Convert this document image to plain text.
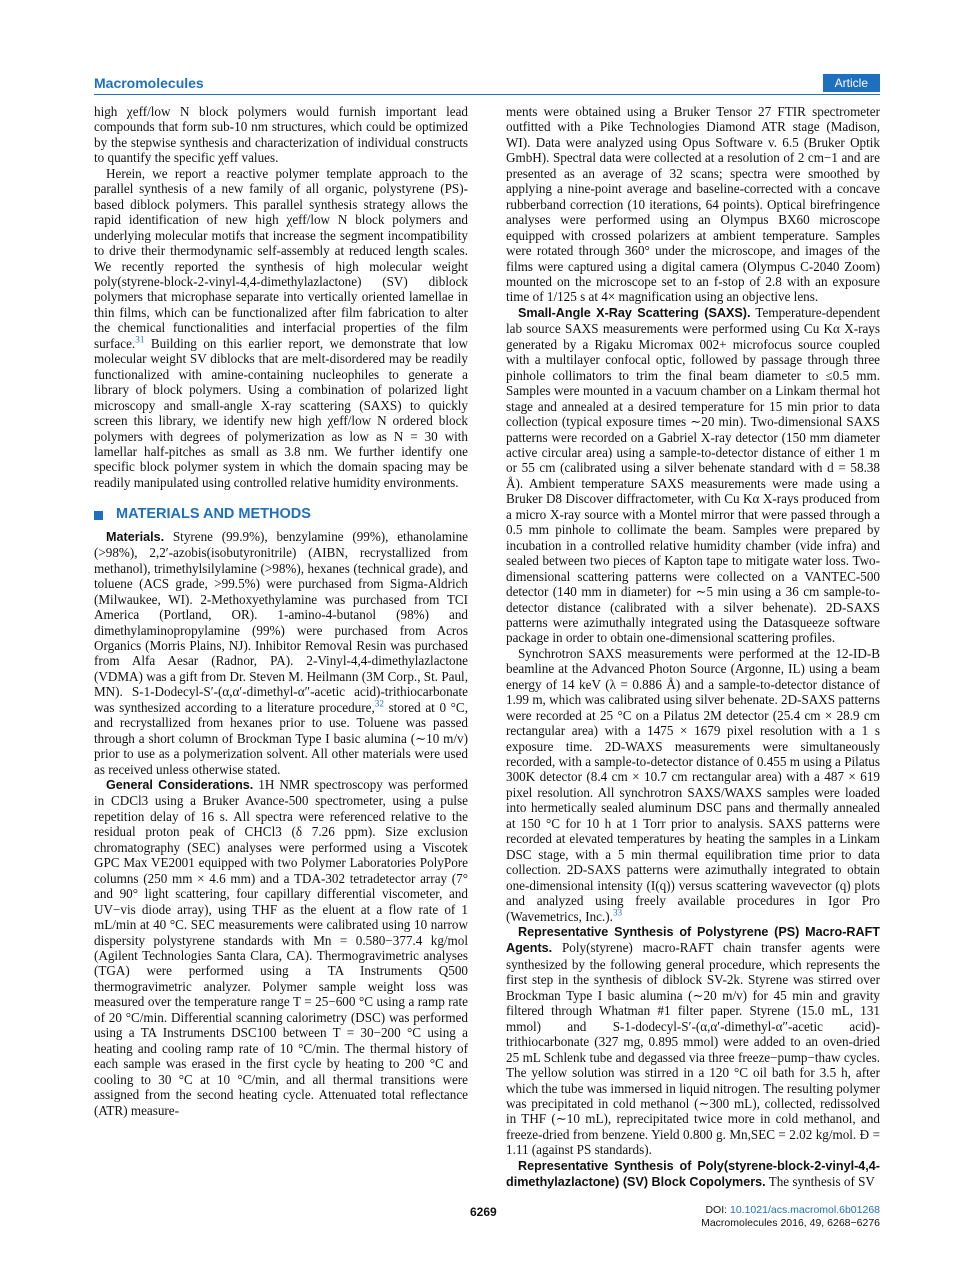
Macromolecules	Article

high χeff/low N block polymers would furnish important lead compounds that form sub-10 nm structures, which could be optimized by the stepwise synthesis and characterization of individual constructs to quantify the specific χeff values.

Herein, we report a reactive polymer template approach to the parallel synthesis of a new family of all organic, polystyrene (PS)-based diblock polymers. This parallel synthesis strategy allows the rapid identification of new high χeff/low N block polymers and underlying molecular motifs that increase the segment incompatibility to drive their thermodynamic self-assembly at reduced length scales. We recently reported the synthesis of high molecular weight poly(styrene-block-2-vinyl-4,4-dimethylazlactone) (SV) diblock polymers that microphase separate into vertically oriented lamellae in thin films, which can be functionalized after film fabrication to alter the chemical functionalities and interfacial properties of the film surface.$^{31}$ Building on this earlier report, we demonstrate that low molecular weight SV diblocks that are melt-disordered may be readily functionalized with amine-containing nucleophiles to generate a library of block polymers. Using a combination of polarized light microscopy and small-angle X-ray scattering (SAXS) to quickly screen this library, we identify new high χeff/low N ordered block polymers with degrees of polymerization as low as N = 30 with lamellar half-pitches as small as 3.8 nm. We further identify one specific block polymer system in which the domain spacing may be readily manipulated using controlled relative humidity environments.

MATERIALS AND METHODS

Materials. Styrene (99.9%), benzylamine (99%), ethanolamine (>98%), 2,2′-azobis(isobutyronitrile) (AIBN, recrystallized from methanol), trimethylsilylamine (>98%), hexanes (technical grade), and toluene (ACS grade, >99.5%) were purchased from Sigma-Aldrich (Milwaukee, WI). 2-Methoxyethylamine was purchased from TCI America (Portland, OR). 1-amino-4-butanol (98%) and dimethylaminopropylamine (99%) were purchased from Acros Organics (Morris Plains, NJ). Inhibitor Removal Resin was purchased from Alfa Aesar (Radnor, PA). 2-Vinyl-4,4-dimethylazlactone (VDMA) was a gift from Dr. Steven M. Heilmann (3M Corp., St. Paul, MN). S-1-Dodecyl-S′-(α,α′-dimethyl-α″-acetic acid)-trithiocarbonate was synthesized according to a literature procedure,$^{32}$ stored at 0 °C, and recrystallized from hexanes prior to use. Toluene was passed through a short column of Brockman Type I basic alumina (∼10 m/v) prior to use as a polymerization solvent. All other materials were used as received unless otherwise stated.

General Considerations. 1H NMR spectroscopy was performed in CDCl3 using a Bruker Avance-500 spectrometer, using a pulse repetition delay of 16 s. All spectra were referenced relative to the residual proton peak of CHCl3 (δ 7.26 ppm). Size exclusion chromatography (SEC) analyses were performed using a Viscotek GPC Max VE2001 equipped with two Polymer Laboratories PolyPore columns (250 mm × 4.6 mm) and a TDA-302 tetradetector array (7° and 90° light scattering, four capillary differential viscometer, and UV−vis diode array), using THF as the eluent at a flow rate of 1 mL/min at 40 °C. SEC measurements were calibrated using 10 narrow dispersity polystyrene standards with Mn = 0.580−377.4 kg/mol (Agilent Technologies Santa Clara, CA). Thermogravimetric analyses (TGA) were performed using a TA Instruments Q500 thermogravimetric analyzer. Polymer sample weight loss was measured over the temperature range T = 25−600 °C using a ramp rate of 20 °C/min. Differential scanning calorimetry (DSC) was performed using a TA Instruments DSC100 between T = 30−200 °C using a heating and cooling ramp rate of 10 °C/min. The thermal history of each sample was erased in the first cycle by heating to 200 °C and cooling to 30 °C at 10 °C/min, and all thermal transitions were assigned from the second heating cycle. Attenuated total reflectance (ATR) measure-

ments were obtained using a Bruker Tensor 27 FTIR spectrometer outfitted with a Pike Technologies Diamond ATR stage (Madison, WI). Data were analyzed using Opus Software v. 6.5 (Bruker Optik GmbH). Spectral data were collected at a resolution of 2 cm−1 and are presented as an average of 32 scans; spectra were smoothed by applying a nine-point average and baseline-corrected with a concave rubberband correction (10 iterations, 64 points). Optical birefringence analyses were performed using an Olympus BX60 microscope equipped with crossed polarizers at ambient temperature. Samples were rotated through 360° under the microscope, and images of the films were captured using a digital camera (Olympus C-2040 Zoom) mounted on the microscope set to an f-stop of 2.8 with an exposure time of 1/125 s at 4× magnification using an objective lens.

Small-Angle X-Ray Scattering (SAXS). Temperature-dependent lab source SAXS measurements were performed using Cu Kα X-rays generated by a Rigaku Micromax 002+ microfocus source coupled with a multilayer confocal optic, followed by passage through three pinhole collimators to trim the final beam diameter to ≤0.5 mm. Samples were mounted in a vacuum chamber on a Linkam thermal hot stage and annealed at a desired temperature for 15 min prior to data collection (typical exposure times ∼20 min). Two-dimensional SAXS patterns were recorded on a Gabriel X-ray detector (150 mm diameter active circular area) using a sample-to-detector distance of either 1 m or 55 cm (calibrated using a silver behenate standard with d = 58.38 Å). Ambient temperature SAXS measurements were made using a Bruker D8 Discover diffractometer, with Cu Kα X-rays produced from a micro X-ray source with a Montel mirror that were passed through a 0.5 mm pinhole to collimate the beam. Samples were prepared by incubation in a controlled relative humidity chamber (vide infra) and sealed between two pieces of Kapton tape to mitigate water loss. Two-dimensional scattering patterns were collected on a VANTEC-500 detector (140 mm in diameter) for ∼5 min using a 36 cm sample-to-detector distance (calibrated with a silver behenate). 2D-SAXS patterns were azimuthally integrated using the Datasqueeze software package in order to obtain one-dimensional scattering profiles.

Synchrotron SAXS measurements were performed at the 12-ID-B beamline at the Advanced Photon Source (Argonne, IL) using a beam energy of 14 keV (λ = 0.886 Å) and a sample-to-detector distance of 1.99 m, which was calibrated using silver behenate. 2D-SAXS patterns were recorded at 25 °C on a Pilatus 2M detector (25.4 cm × 28.9 cm rectangular area) with a 1475 × 1679 pixel resolution with a 1 s exposure time. 2D-WAXS measurements were simultaneously recorded, with a sample-to-detector distance of 0.455 m using a Pilatus 300K detector (8.4 cm × 10.7 cm rectangular area) with a 487 × 619 pixel resolution. All synchrotron SAXS/WAXS samples were loaded into hermetically sealed aluminum DSC pans and thermally annealed at 150 °C for 10 h at 1 Torr prior to analysis. SAXS patterns were recorded at elevated temperatures by heating the samples in a Linkam DSC stage, with a 5 min thermal equilibration time prior to data collection. 2D-SAXS patterns were azimuthally integrated to obtain one-dimensional intensity (I(q)) versus scattering wavevector (q) plots and analyzed using freely available procedures in Igor Pro (Wavemetrics, Inc.).$^{33}$

Representative Synthesis of Polystyrene (PS) Macro-RAFT Agents. Poly(styrene) macro-RAFT chain transfer agents were synthesized by the following general procedure, which represents the first step in the synthesis of diblock SV-2k. Styrene was stirred over Brockman Type I basic alumina (∼20 m/v) for 45 min and gravity filtered through Whatman #1 filter paper. Styrene (15.0 mL, 131 mmol) and S-1-dodecyl-S′-(α,α′-dimethyl-α″-acetic acid)-trithiocarbonate (327 mg, 0.895 mmol) were added to an oven-dried 25 mL Schlenk tube and degassed via three freeze−pump−thaw cycles. The yellow solution was stirred in a 120 °C oil bath for 3.5 h, after which the tube was immersed in liquid nitrogen. The resulting polymer was precipitated in cold methanol (∼300 mL), collected, redissolved in THF (∼10 mL), reprecipitated twice more in cold methanol, and freeze-dried from benzene. Yield 0.800 g. Mn,SEC = 2.02 kg/mol. Đ = 1.11 (against PS standards).

Representative Synthesis of Poly(styrene-block-2-vinyl-4,4-dimethylazlactone) (SV) Block Copolymers. The synthesis of SV

6269	DOI: 10.1021/acs.macromol.6b01268
Macromolecules 2016, 49, 6268−6276
